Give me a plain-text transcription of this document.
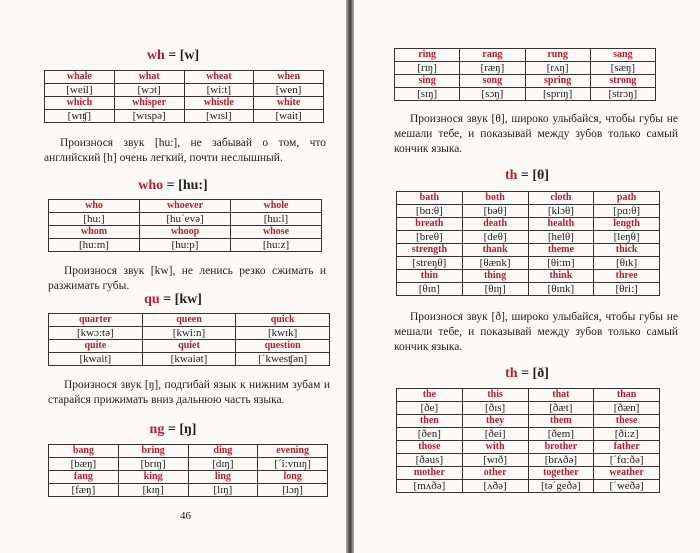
wh = [w]
whale	what	wheat	when
[weil]	[wɔt]	[wi:t]	[wen]
which	whisper	whistle	white
[wɪʧ]	[wɪspə]	[wɪsl]	[wait]
Произнося звук [hu:], не забывай о том, что английский [h] очень легкий, почти неслышный.
who = [hu:]
who	whoever	whole
[hu:]	[hu´evə]	[hu:l]
whom	whoop	whose
[hu:m]	[hu:p]	[hu:z]
Произнося звук [kw], не ленись резко сжимать и разжимать губы.
qu = [kw]
quarter	queen	quick
[kwɔ:tə]	[kwi:n]	[kwɪk]
quite	quiet	question
[kwait]	[kwaiət]	[´kwesʧən]
Произнося звук [ŋ], подгибай язык к нижним зубам и старайся прижимать вниз дальнюю часть языка.
ng = [ŋ]
bang	bring	ding	evening
[bæŋ]	[brɪŋ]	[dɪŋ]	[´i:vnɪŋ]
fang	king	ling	long
[fæŋ]	[kɪŋ]	[lɪŋ]	[lɔŋ]
46
ring	rang	rung	sang
[rɪŋ]	[ræŋ]	[rʌŋ]	[sæŋ]
sing	song	spring	strong
[sɪŋ]	[sɔŋ]	[sprɪŋ]	[strɔŋ]
Произнося звук [θ], широко улыбайся, чтобы губы не мешали тебе, и показывай между зубов только самый кончик языка.
th = [θ]
bath	both	cloth	path
[bɑ:θ]	[bəθ]	[klɔθ]	[pɑ:θ]
breath	death	health	length
[breθ]	[deθ]	[helθ]	[leŋθ]
strength	thank	theme	thick
[streŋθ]	[θænk]	[θi:m]	[θɪk]
thin	thing	think	three
[θɪn]	[θɪŋ]	[θɪnk]	[θri:]
Произнося звук [ð], широко улыбайся, чтобы губы не мешали тебе, и показывай между зубов только самый кончик языка.
th = [ð]
the	this	that	than
[ðe]	[ðɪs]	[ðæt]	[ðæn]
then	they	them	these
[ðen]	[ðei]	[ðem]	[ði:z]
those	with	brother	father
[ðəus]	[wɪð]	[brʌðə]	[´fɑ:ðə]
mother	other	together	weather
[mʌðə]	[ʌðə]	[tə´geðə]	[´weðə]
